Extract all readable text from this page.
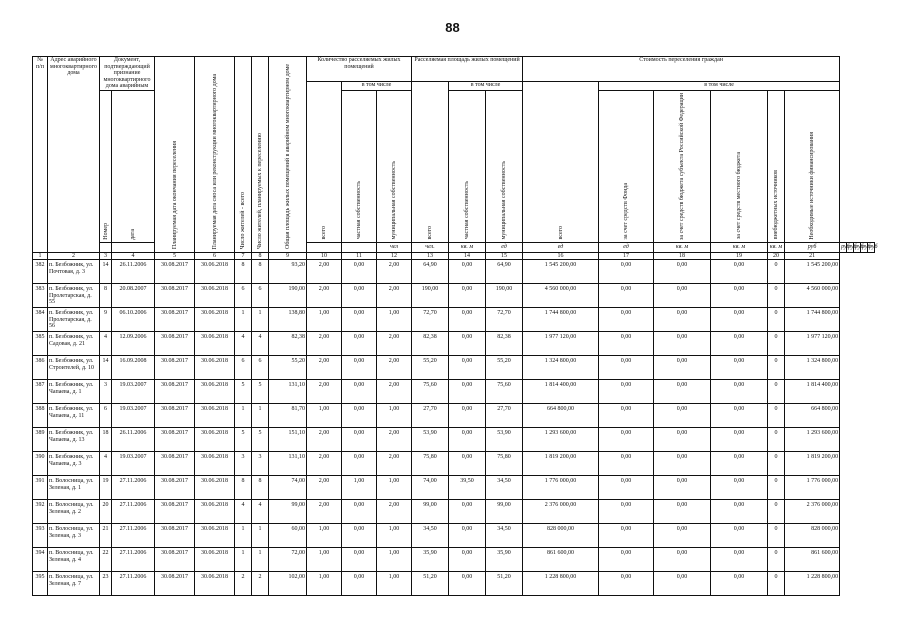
88
№ п/п	Адрес аварийного многоквартирного дома	Документ, подтверждающий признание многоквартирного дома аварийным		Планируемая дата окончания переселения	Планируемая дата сноса или реконструкции многоквартирного дома	Число жителей - всего	Число жителей, планируемых к переселению	Общая площадь жилых помещений в аварийном многоквартирном доме	Количество расселяемых жилых помещений			Расселяемая площадь жилых помещений			Стоимость переселения граждан										
									всего	в том числе		всего	в том числе		всего	в том числе									
		Номер	дата							частная собственность	муниципальная собственность		частная собственность	муниципальная собственность		за счет средств Фонда	за счет средств бюджета субъекта Российской Федерации	за счет средств местного бюджета	внебюджетных источников	Необходимые источники финансирования					
											чел	чел.	кв. м	ед	ед	ед	кв. м	кв. м	кв. м	руб	руб	руб	руб	руб	руб
1	2	3	4	5	6	7	8	9	10	11	12	13	14	15	16	17	18	19	20	21					
382	п. Безбожник, ул. Почтовая, д. 3	14	26.11.2006	30.08.2017	30.06.2018	8	8	93,20	2,00	0,00	2,00	64,90	0,00	64,90	1 545 200,00	0,00	0,00	0,00	0	1 545 200,00					
383	п. Безбожник, ул. Пролетарская, д. 55	8	20.08.2007	30.08.2017	30.06.2018	6	6	190,00	2,00	0,00	2,00	190,00	0,00	190,00	4 560 000,00	0,00	0,00	0,00	0	4 560 000,00					
384	п. Безбожник, ул. Пролетарская, д. 56	9	06.10.2006	30.08.2017	30.06.2018	1	1	138,80	1,00	0,00	1,00	72,70	0,00	72,70	1 744 800,00	0,00	0,00	0,00	0	1 744 800,00					
385	п. Безбожник, ул. Садовая, д. 21	4	12.09.2006	30.08.2017	30.06.2018	4	4	82,38	2,00	0,00	2,00	82,38	0,00	82,38	1 977 120,00	0,00	0,00	0,00	0	1 977 120,00					
386	п. Безбожник, ул. Строителей, д. 10	14	16.09.2008	30.08.2017	30.06.2018	6	6	55,20	2,00	0,00	2,00	55,20	0,00	55,20	1 324 800,00	0,00	0,00	0,00	0	1 324 800,00					
387	п. Безбожник, ул. Чапаева, д. 1	3	19.03.2007	30.08.2017	30.06.2018	5	5	131,10	2,00	0,00	2,00	75,60	0,00	75,60	1 814 400,00	0,00	0,00	0,00	0	1 814 400,00					
388	п. Безбожник, ул. Чапаева, д. 11	6	19.03.2007	30.08.2017	30.06.2018	1	1	81,70	1,00	0,00	1,00	27,70	0,00	27,70	664 800,00	0,00	0,00	0,00	0	664 800,00					
389	п. Безбожник, ул. Чапаева, д. 13	18	26.11.2006	30.08.2017	30.06.2018	5	5	151,10	2,00	0,00	2,00	53,90	0,00	53,90	1 293 600,00	0,00	0,00	0,00	0	1 293 600,00					
390	п. Безбожник, ул. Чапаева, д. 3	4	19.03.2007	30.08.2017	30.06.2018	3	3	131,10	2,00	0,00	2,00	75,80	0,00	75,80	1 819 200,00	0,00	0,00	0,00	0	1 819 200,00					
391	п. Волосница, ул. Зеленая, д. 1	19	27.11.2006	30.08.2017	30.06.2018	8	8	74,00	2,00	1,00	1,00	74,00	39,50	34,50	1 776 000,00	0,00	0,00	0,00	0	1 776 000,00					
392	п. Волосница, ул. Зеленая, д. 2	20	27.11.2006	30.08.2017	30.06.2018	4	4	99,00	2,00	0,00	2,00	99,00	0,00	99,00	2 376 000,00	0,00	0,00	0,00	0	2 376 000,00					
393	п. Волосница, ул. Зеленая, д. 3	21	27.11.2006	30.08.2017	30.06.2018	1	1	60,00	1,00	0,00	1,00	34,50	0,00	34,50	828 000,00	0,00	0,00	0,00	0	828 000,00					
394	п. Волосница, ул. Зеленая, д. 4	22	27.11.2006	30.08.2017	30.06.2018	1	1	72,00	1,00	0,00	1,00	35,90	0,00	35,90	861 600,00	0,00	0,00	0,00	0	861 600,00					
395	п. Волосница, ул. Зеленая, д. 7	23	27.11.2006	30.08.2017	30.06.2018	2	2	102,00	1,00	0,00	1,00	51,20	0,00	51,20	1 228 800,00	0,00	0,00	0,00	0	1 228 800,00					
